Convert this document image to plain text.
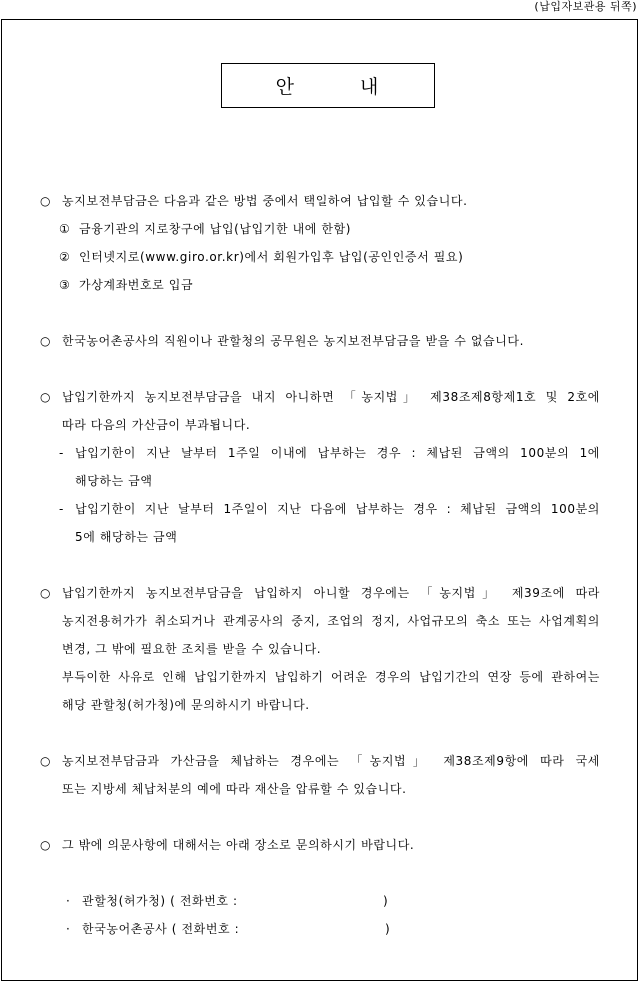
(납입자보관용 뒤쪽)
안	내
○ 농지보전부담금은 다음과 같은 방법 중에서 택일하여 납입할 수 있습니다.
① 금융기관의 지로창구에 납입(납입기한 내에 한함)
② 인터넷지로(www.giro.or.kr)에서 회원가입후 납입(공인인증서 필요)
③ 가상계좌번호로 입금
○ 한국농어촌공사의 직원이나 관할청의 공무원은 농지보전부담금을 받을 수 없습니다.
○ 납입기한까지 농지보전부담금을 내지 아니하면 「농지법」 제38조제8항제1호 및 2호에
따라 다음의 가산금이 부과됩니다.
- 납입기한이 지난 날부터 1주일 이내에 납부하는 경우 : 체납된 금액의 100분의 1에
해당하는 금액
- 납입기한이 지난 날부터 1주일이 지난 다음에 납부하는 경우 : 체납된 금액의 100분의
5에 해당하는 금액
○ 납입기한까지 농지보전부담금을 납입하지 아니할 경우에는 「농지법」 제39조에 따라
농지전용허가가 취소되거나 관계공사의 중지, 조업의 정지, 사업규모의 축소 또는 사업계획의
변경, 그 밖에 필요한 조치를 받을 수 있습니다.
부득이한 사유로 인해 납입기한까지 납입하기 어려운 경우의 납입기간의 연장 등에 관하여는
해당 관할청(허가청)에 문의하시기 바랍니다.
○ 농지보전부담금과 가산금을 체납하는 경우에는 「농지법」 제38조제9항에 따라 국세
또는 지방세 체납처분의 예에 따라 재산을 압류할 수 있습니다.
○ 그 밖에 의문사항에 대해서는 아래 장소로 문의하시기 바랍니다.
· 관할청(허가청) ( 전화번호 :	)
· 한국농어촌공사 ( 전화번호 :	)
